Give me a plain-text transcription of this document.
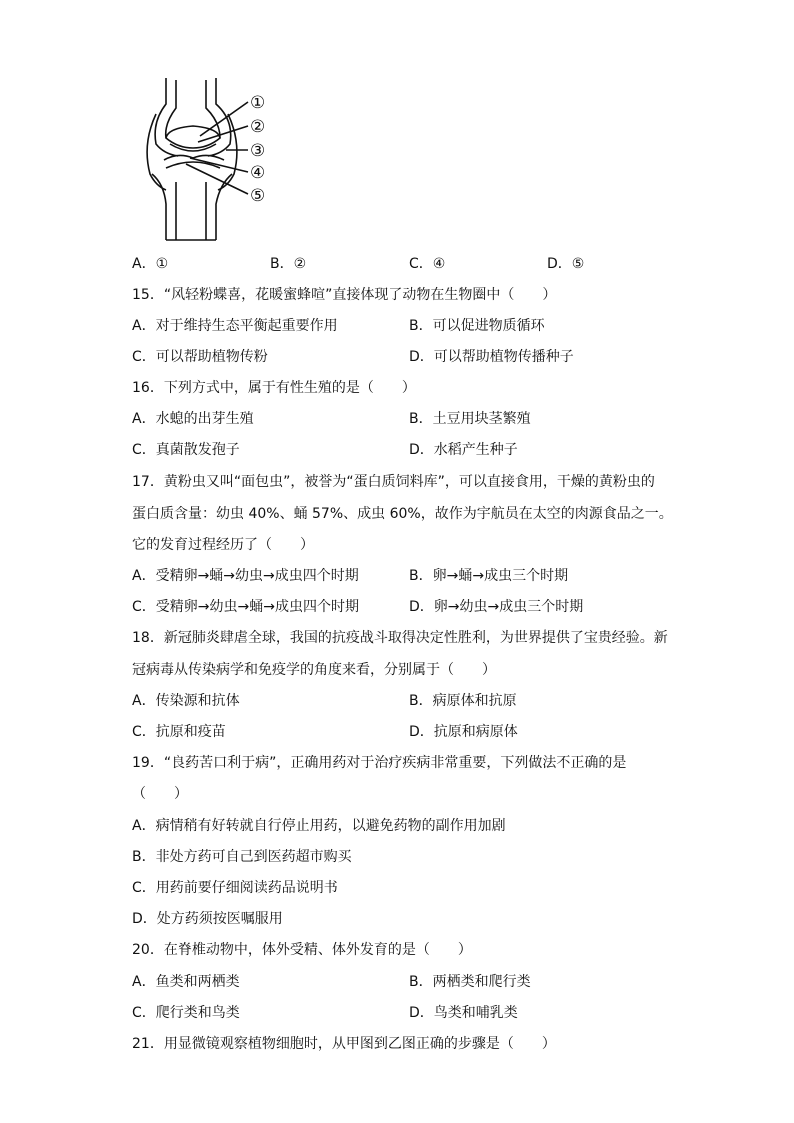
①
②
③
④
⑤
A．①	B．②	C．④	D．⑤
15．“风轻粉蝶喜，花暖蜜蜂喧”直接体现了动物在生物圈中（　　）
A．对于维持生态平衡起重要作用	B．可以促进物质循环
C．可以帮助植物传粉	D．可以帮助植物传播种子
16．下列方式中，属于有性生殖的是（　　）
A．水螅的出芽生殖	B．土豆用块茎繁殖
C．真菌散发孢子	D．水稻产生种子
17．黄粉虫又叫“面包虫”，被誉为“蛋白质饲料库”，可以直接食用，干燥的黄粉虫的
蛋白质含量：幼虫 40%、蛹 57%、成虫 60%，故作为宇航员在太空的肉源食品之一。
它的发育过程经历了（　　）
A．受精卵→蛹→幼虫→成虫四个时期	B．卵→蛹→成虫三个时期
C．受精卵→幼虫→蛹→成虫四个时期	D．卵→幼虫→成虫三个时期
18．新冠肺炎肆虐全球，我国的抗疫战斗取得决定性胜利，为世界提供了宝贵经验。新
冠病毒从传染病学和免疫学的角度来看，分别属于（　　）
A．传染源和抗体	B．病原体和抗原
C．抗原和疫苗	D．抗原和病原体
19．“良药苦口利于病”，正确用药对于治疗疾病非常重要，下列做法不正确的是
（　　）
A．病情稍有好转就自行停止用药，以避免药物的副作用加剧
B．非处方药可自己到医药超市购买
C．用药前要仔细阅读药品说明书
D．处方药须按医嘱服用
20．在脊椎动物中，体外受精、体外发育的是（　　）
A．鱼类和两栖类	B．两栖类和爬行类
C．爬行类和鸟类	D．鸟类和哺乳类
21．用显微镜观察植物细胞时，从甲图到乙图正确的步骤是（　　）
